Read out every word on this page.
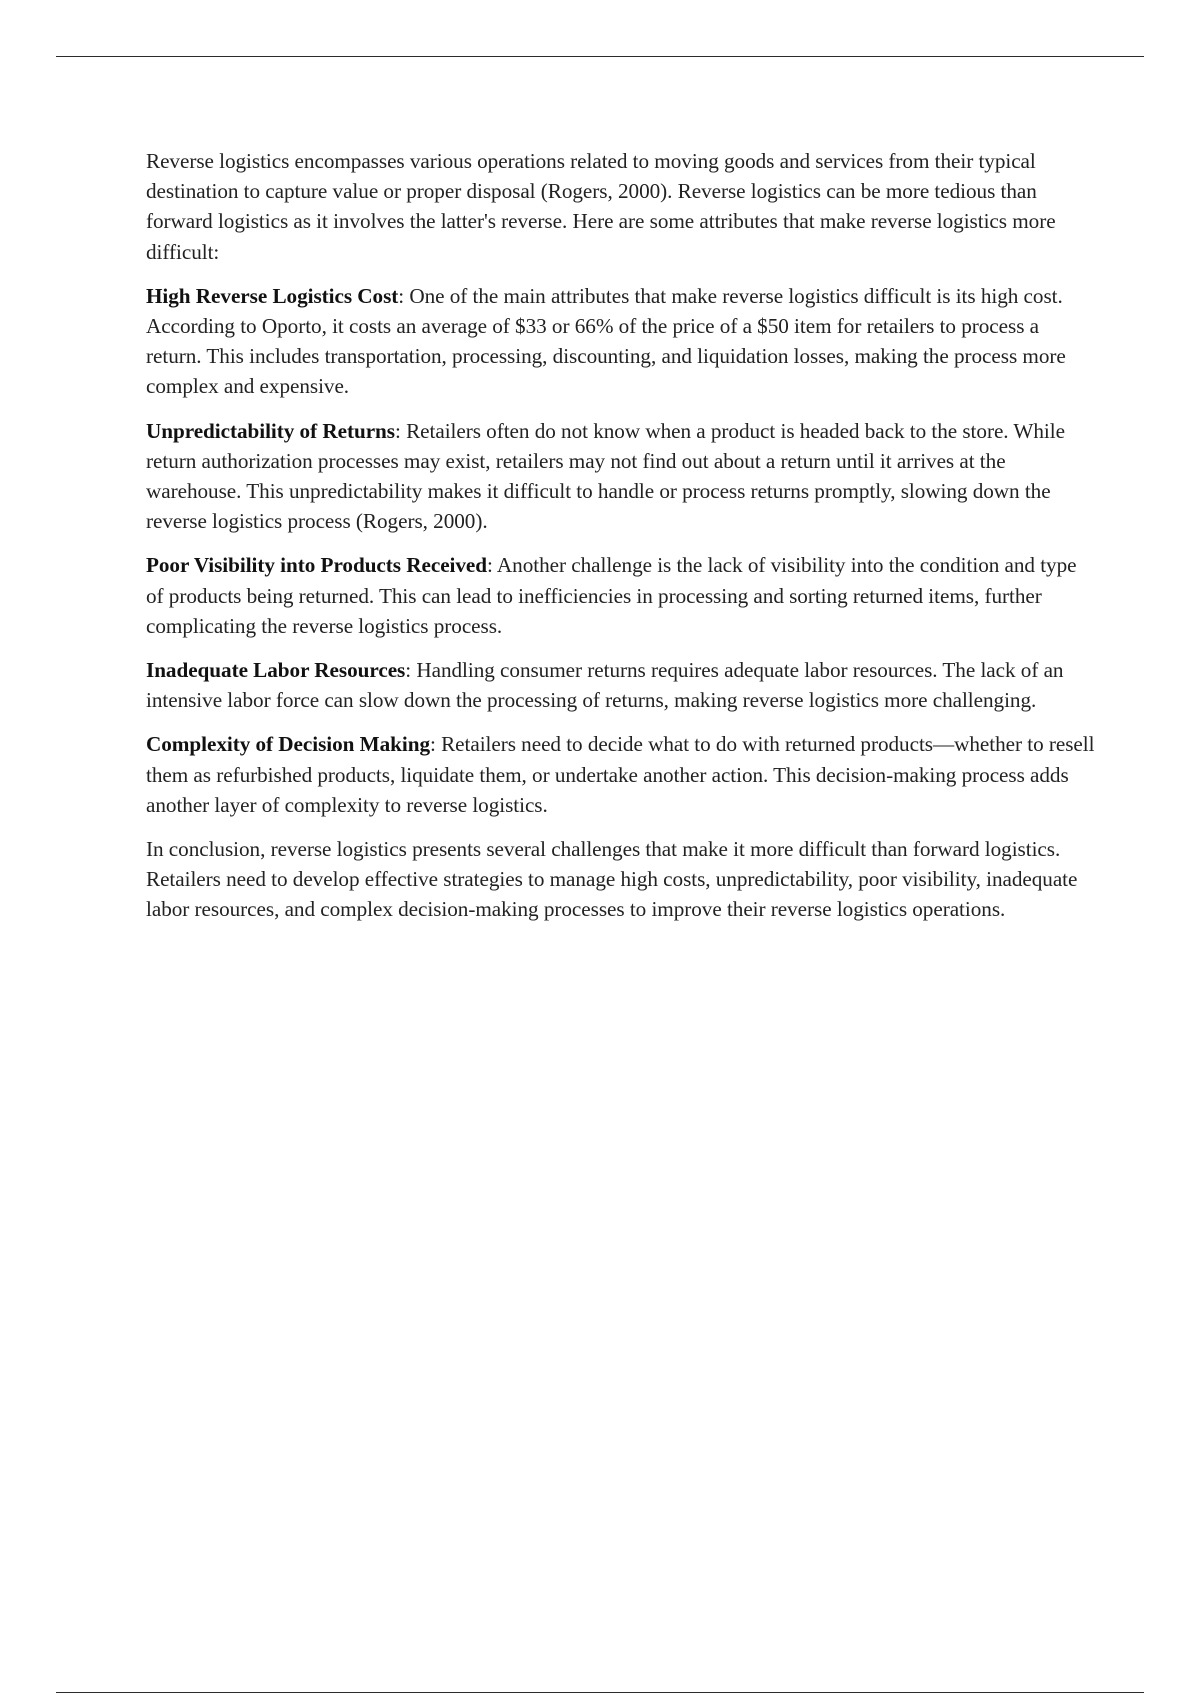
Reverse logistics encompasses various operations related to moving goods and services from their typical destination to capture value or proper disposal (Rogers, 2000). Reverse logistics can be more tedious than forward logistics as it involves the latter's reverse. Here are some attributes that make reverse logistics more difficult:

High Reverse Logistics Cost: One of the main attributes that make reverse logistics difficult is its high cost. According to Oporto, it costs an average of $33 or 66% of the price of a $50 item for retailers to process a return. This includes transportation, processing, discounting, and liquidation losses, making the process more complex and expensive.

Unpredictability of Returns: Retailers often do not know when a product is headed back to the store. While return authorization processes may exist, retailers may not find out about a return until it arrives at the warehouse. This unpredictability makes it difficult to handle or process returns promptly, slowing down the reverse logistics process (Rogers, 2000).

Poor Visibility into Products Received: Another challenge is the lack of visibility into the condition and type of products being returned. This can lead to inefficiencies in processing and sorting returned items, further complicating the reverse logistics process.

Inadequate Labor Resources: Handling consumer returns requires adequate labor resources. The lack of an intensive labor force can slow down the processing of returns, making reverse logistics more challenging.

Complexity of Decision Making: Retailers need to decide what to do with returned products—whether to resell them as refurbished products, liquidate them, or undertake another action. This decision-making process adds another layer of complexity to reverse logistics.

In conclusion, reverse logistics presents several challenges that make it more difficult than forward logistics. Retailers need to develop effective strategies to manage high costs, unpredictability, poor visibility, inadequate labor resources, and complex decision-making processes to improve their reverse logistics operations.
